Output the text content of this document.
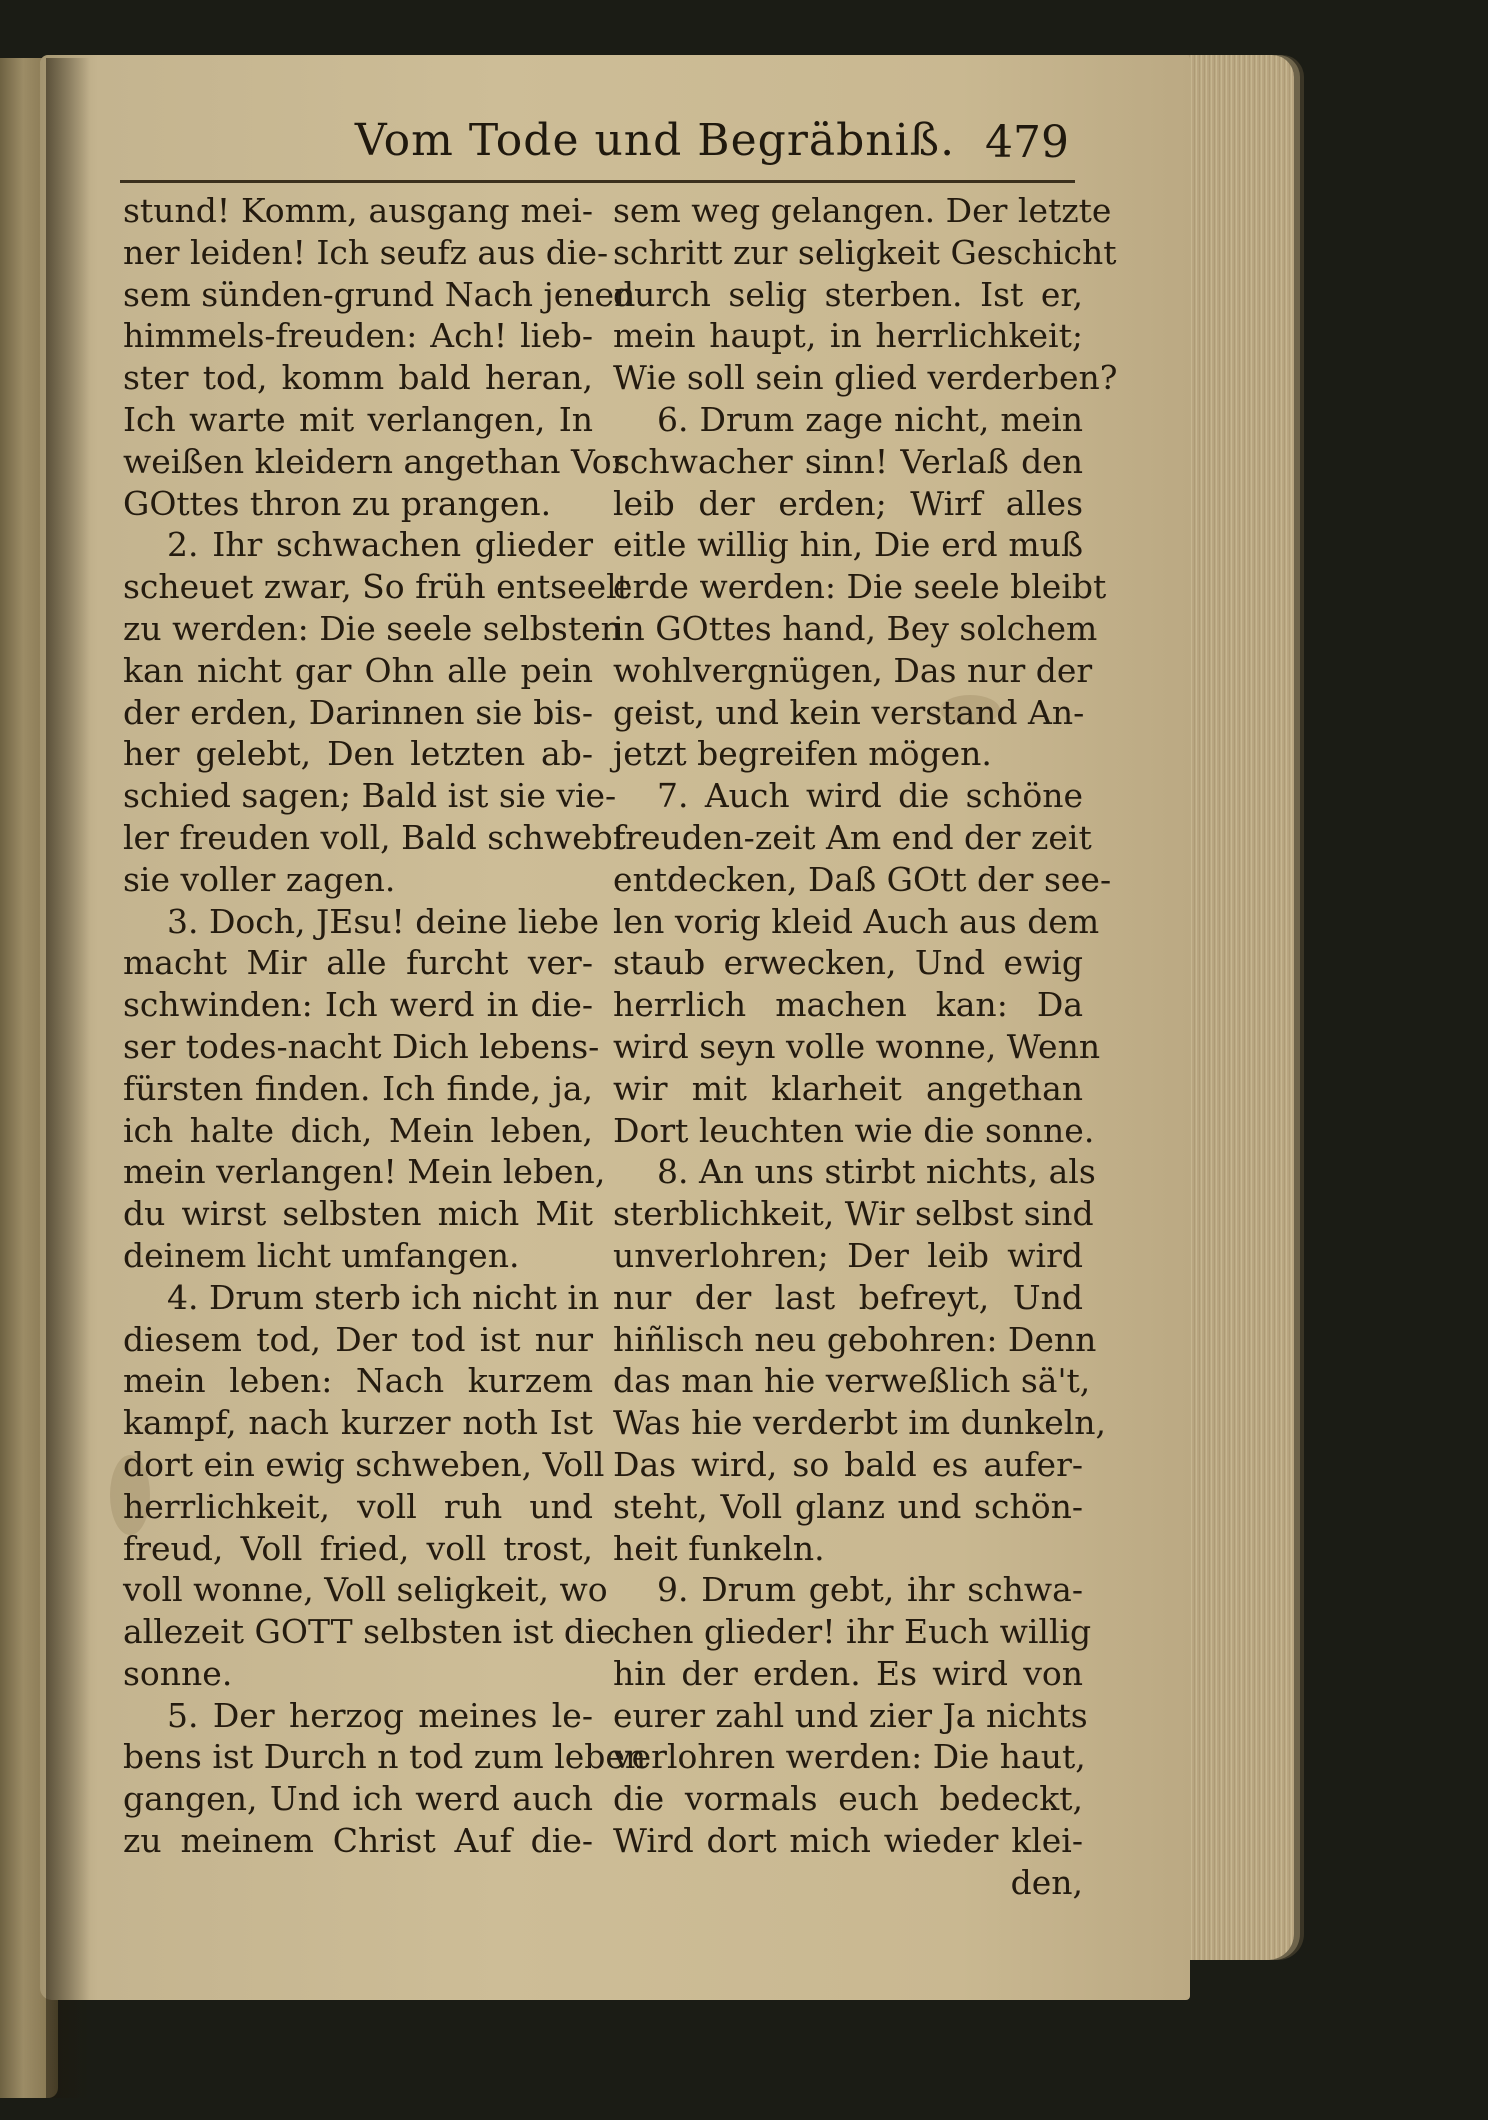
Vom Tode und Begräbniß. 479
stund! Komm, ausgang mei-
ner leiden! Ich seufz aus die-
sem sünden-grund Nach jenen
himmels-freuden: Ach! lieb-
ster tod, komm bald heran,
Ich warte mit verlangen, In
weißen kleidern angethan Vor
GOttes thron zu prangen.
2. Ihr schwachen glieder
scheuet zwar, So früh entseelt
zu werden: Die seele selbsten
kan nicht gar Ohn alle pein
der erden, Darinnen sie bis-
her gelebt, Den letzten ab-
schied sagen; Bald ist sie vie-
ler freuden voll, Bald schwebt
sie voller zagen.
3. Doch, JEsu! deine liebe
macht Mir alle furcht ver-
schwinden: Ich werd in die-
ser todes-nacht Dich lebens-
fürsten finden. Ich finde, ja,
ich halte dich, Mein leben,
mein verlangen! Mein leben,
du wirst selbsten mich Mit
deinem licht umfangen.
4. Drum sterb ich nicht in
diesem tod, Der tod ist nur
mein leben: Nach kurzem
kampf, nach kurzer noth Ist
dort ein ewig schweben, Voll
herrlichkeit, voll ruh und
freud, Voll fried, voll trost,
voll wonne, Voll seligkeit, wo
allezeit GOTT selbsten ist die
sonne.
5. Der herzog meines le-
bens ist Durch n tod zum leben
gangen, Und ich werd auch
zu meinem Christ Auf die-
sem weg gelangen. Der letzte
schritt zur seligkeit Geschicht
durch selig sterben. Ist er,
mein haupt, in herrlichkeit;
Wie soll sein glied verderben?
6. Drum zage nicht, mein
schwacher sinn! Verlaß den
leib der erden; Wirf alles
eitle willig hin, Die erd muß
erde werden: Die seele bleibt
in GOttes hand, Bey solchem
wohlvergnügen, Das nur der
geist, und kein verstand An-
jetzt begreifen mögen.
7. Auch wird die schöne
freuden-zeit Am end der zeit
entdecken, Daß GOtt der see-
len vorig kleid Auch aus dem
staub erwecken, Und ewig
herrlich machen kan: Da
wird seyn volle wonne, Wenn
wir mit klarheit angethan
Dort leuchten wie die sonne.
8. An uns stirbt nichts, als
sterblichkeit, Wir selbst sind
unverlohren; Der leib wird
nur der last befreyt, Und
hiñlisch neu gebohren: Denn
das man hie verweßlich sä't,
Was hie verderbt im dunkeln,
Das wird, so bald es aufer-
steht, Voll glanz und schön-
heit funkeln.
9. Drum gebt, ihr schwa-
chen glieder! ihr Euch willig
hin der erden. Es wird von
eurer zahl und zier Ja nichts
verlohren werden: Die haut,
die vormals euch bedeckt,
Wird dort mich wieder klei-
den,
